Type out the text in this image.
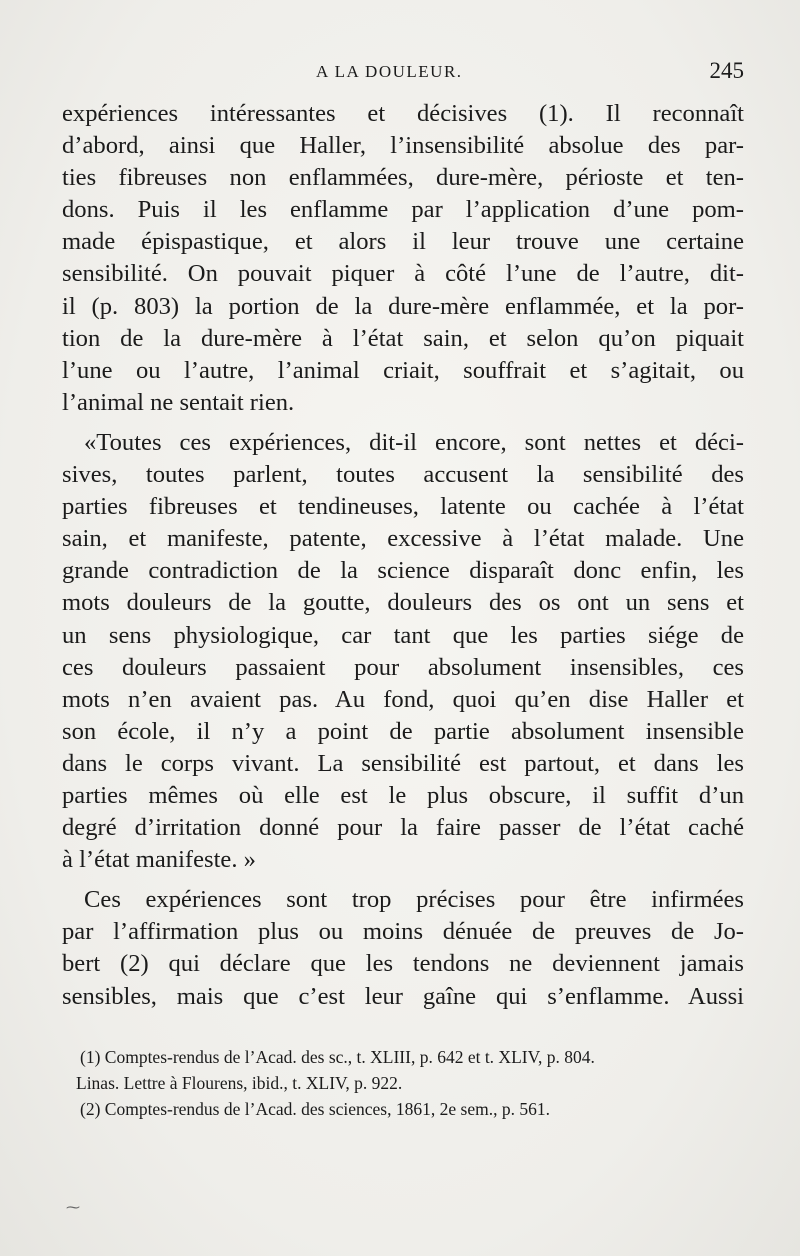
A LA DOULEUR.	245
expériences intéressantes et décisives (1). Il reconnaît
d’abord, ainsi que Haller, l’insensibilité absolue des par-
ties fibreuses non enflammées, dure-mère, périoste et ten-
dons. Puis il les enflamme par l’application d’une pom-
made épispastique, et alors il leur trouve une certaine
sensibilité. On pouvait piquer à côté l’une de l’autre, dit-
il (p. 803) la portion de la dure-mère enflammée, et la por-
tion de la dure-mère à l’état sain, et selon qu’on piquait
l’une ou l’autre, l’animal criait, souffrait et s’agitait, ou
l’animal ne sentait rien.
«Toutes ces expériences, dit-il encore, sont nettes et déci-
sives, toutes parlent, toutes accusent la sensibilité des
parties fibreuses et tendineuses, latente ou cachée à l’état
sain, et manifeste, patente, excessive à l’état malade. Une
grande contradiction de la science disparaît donc enfin, les
mots douleurs de la goutte, douleurs des os ont un sens et
un sens physiologique, car tant que les parties siége de
ces douleurs passaient pour absolument insensibles, ces
mots n’en avaient pas. Au fond, quoi qu’en dise Haller et
son école, il n’y a point de partie absolument insensible
dans le corps vivant. La sensibilité est partout, et dans les
parties mêmes où elle est le plus obscure, il suffit d’un
degré d’irritation donné pour la faire passer de l’état caché
à l’état manifeste. »
Ces expériences sont trop précises pour être infirmées
par l’affirmation plus ou moins dénuée de preuves de Jo-
bert (2) qui déclare que les tendons ne deviennent jamais
sensibles, mais que c’est leur gaîne qui s’enflamme. Aussi
(1) Comptes-rendus de l’Acad. des sc., t. XLIII, p. 642 et t. XLIV, p. 804.
Linas. Lettre à Flourens, ibid., t. XLIV, p. 922.
(2) Comptes-rendus de l’Acad. des sciences, 1861, 2e sem., p. 561.
⁓
